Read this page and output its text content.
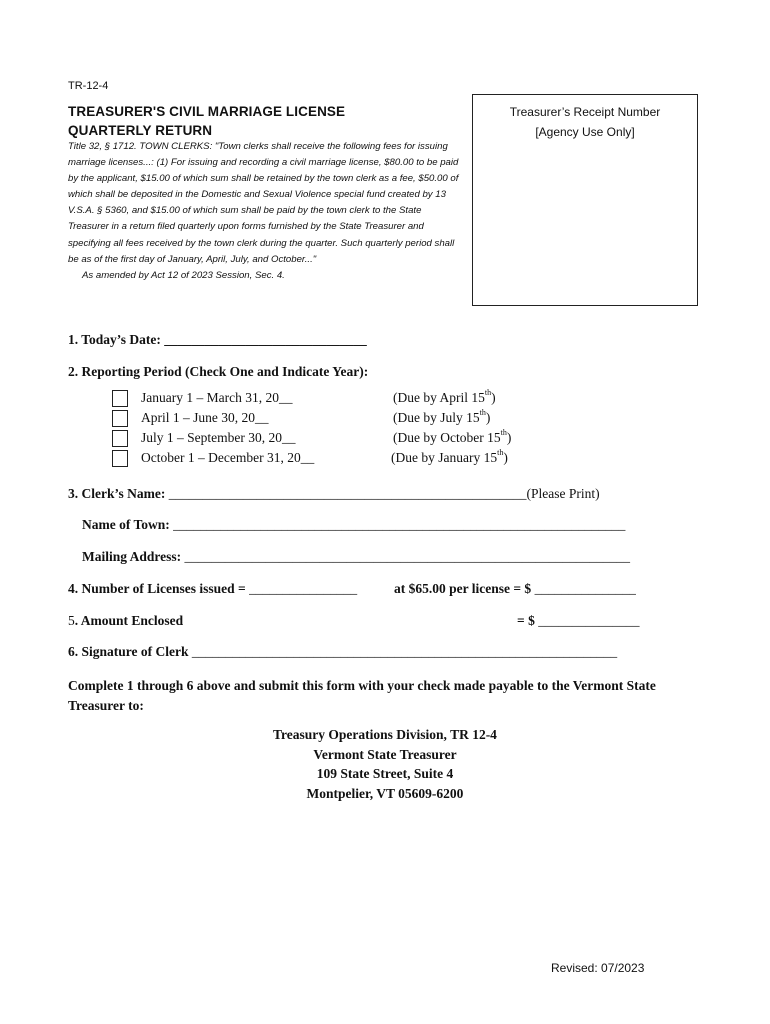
TR-12-4
TREASURER'S CIVIL MARRIAGE LICENSE
QUARTERLY RETURN
Title 32, § 1712. TOWN CLERKS: "Town clerks shall receive the following fees for issuing marriage licenses...: (1) For issuing and recording a civil marriage license, $80.00 to be paid by the applicant, $15.00 of which sum shall be retained by the town clerk as a fee, $50.00 of which shall be deposited in the Domestic and Sexual Violence special fund created by 13 V.S.A. § 5360, and $15.00 of which sum shall be paid by the town clerk to the State Treasurer in a return filed quarterly upon forms furnished by the State Treasurer and specifying all fees received by the town clerk during the quarter. Such quarterly period shall be as of the first day of January, April, July, and October..."
As amended by Act 12 of 2023 Session, Sec. 4.
Treasurer’s Receipt Number
[Agency Use Only]
1. Today’s Date: ______________________________
2. Reporting Period (Check One and Indicate Year):
January 1 – March 31, 20__	(Due by April 15th)
April 1 – June 30, 20__	(Due by July 15th)
July 1 – September 30, 20__	(Due by October 15th)
October 1 – December 31, 20__	(Due by January 15th)
3. Clerk’s Name: _____________________________________________________(Please Print)
Name of Town: ___________________________________________________________________
Mailing Address: __________________________________________________________________
4. Number of Licenses issued = ________________	at $65.00 per license = $ _______________
5. Amount Enclosed	= $ _______________
6. Signature of Clerk _______________________________________________________________
Complete 1 through 6 above and submit this form with your check made payable to the Vermont State Treasurer to:
Treasury Operations Division, TR 12-4
Vermont State Treasurer
109 State Street, Suite 4
Montpelier, VT 05609-6200
Revised: 07/2023
